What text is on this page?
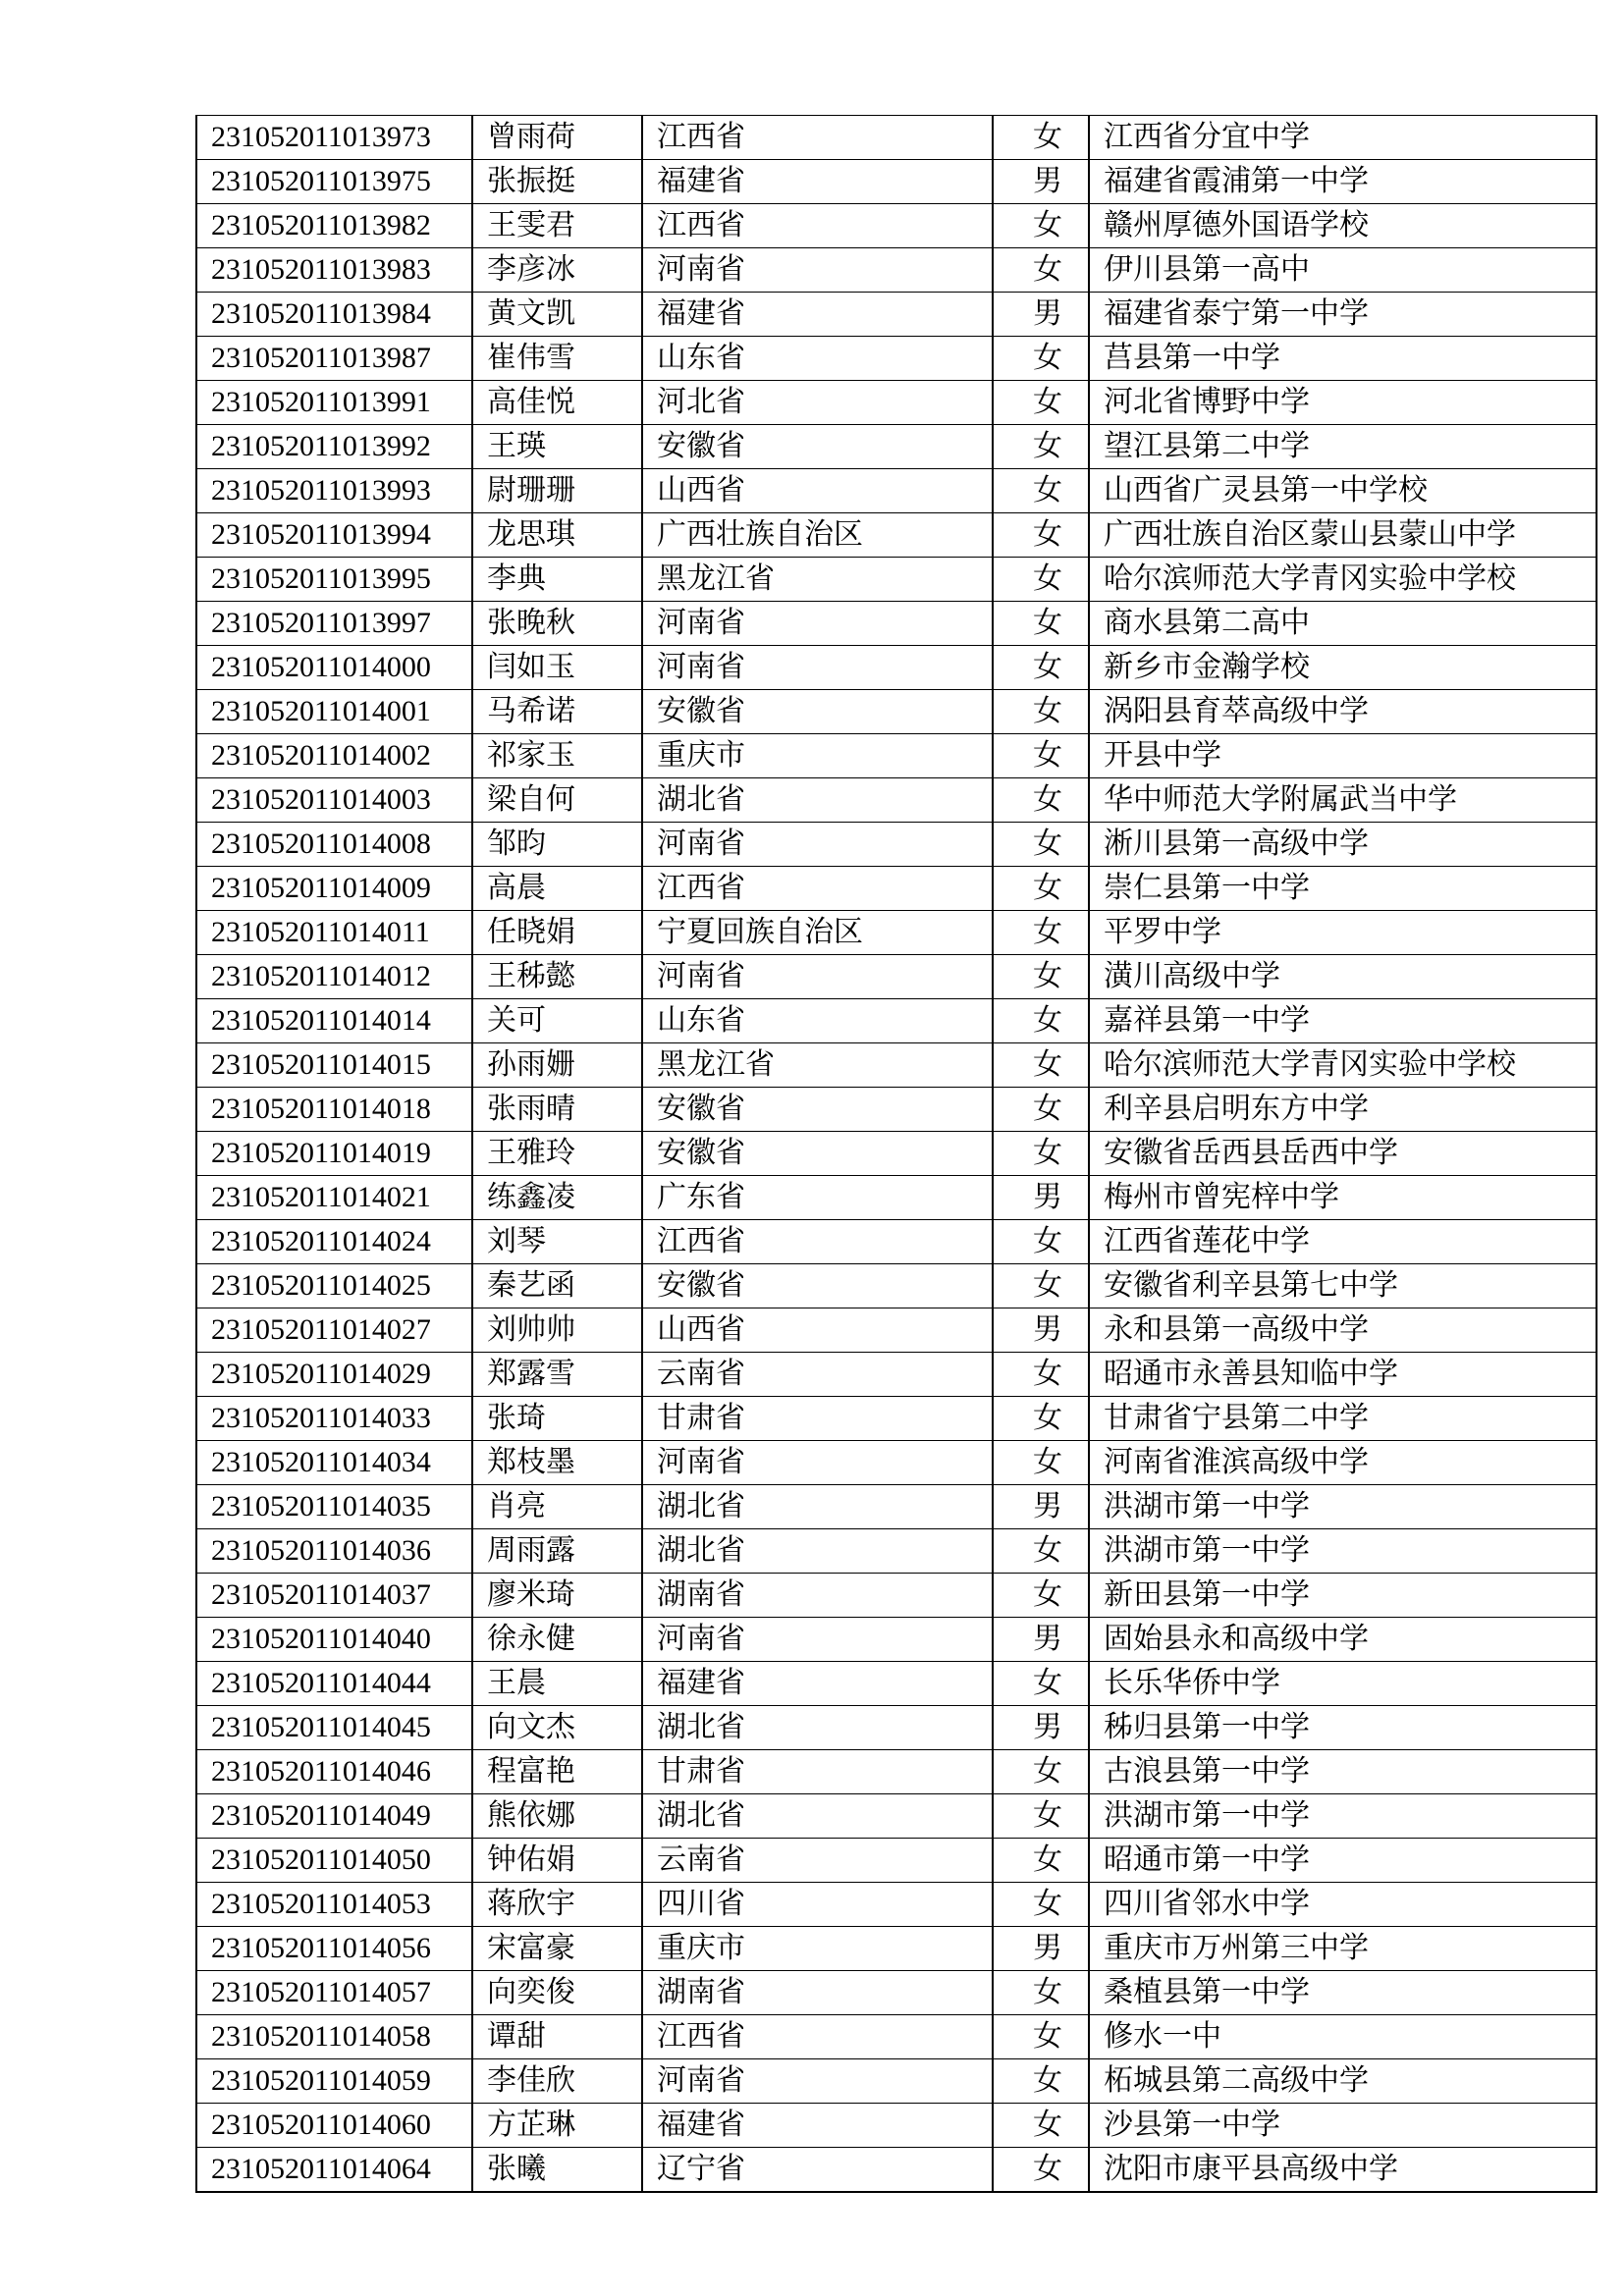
231052011013973	曾雨荷	江西省	女	江西省分宜中学
231052011013975	张振挺	福建省	男	福建省霞浦第一中学
231052011013982	王雯君	江西省	女	赣州厚德外国语学校
231052011013983	李彦冰	河南省	女	伊川县第一高中
231052011013984	黄文凯	福建省	男	福建省泰宁第一中学
231052011013987	崔伟雪	山东省	女	莒县第一中学
231052011013991	高佳悦	河北省	女	河北省博野中学
231052011013992	王瑛	安徽省	女	望江县第二中学
231052011013993	尉珊珊	山西省	女	山西省广灵县第一中学校
231052011013994	龙思琪	广西壮族自治区	女	广西壮族自治区蒙山县蒙山中学
231052011013995	李典	黑龙江省	女	哈尔滨师范大学青冈实验中学校
231052011013997	张晚秋	河南省	女	商水县第二高中
231052011014000	闫如玉	河南省	女	新乡市金瀚学校
231052011014001	马希诺	安徽省	女	涡阳县育萃高级中学
231052011014002	祁家玉	重庆市	女	开县中学
231052011014003	梁自何	湖北省	女	华中师范大学附属武当中学
231052011014008	邹昀	河南省	女	淅川县第一高级中学
231052011014009	高晨	江西省	女	崇仁县第一中学
231052011014011	任晓娟	宁夏回族自治区	女	平罗中学
231052011014012	王秭懿	河南省	女	潢川高级中学
231052011014014	关可	山东省	女	嘉祥县第一中学
231052011014015	孙雨姗	黑龙江省	女	哈尔滨师范大学青冈实验中学校
231052011014018	张雨晴	安徽省	女	利辛县启明东方中学
231052011014019	王雅玲	安徽省	女	安徽省岳西县岳西中学
231052011014021	练鑫凌	广东省	男	梅州市曾宪梓中学
231052011014024	刘琴	江西省	女	江西省莲花中学
231052011014025	秦艺函	安徽省	女	安徽省利辛县第七中学
231052011014027	刘帅帅	山西省	男	永和县第一高级中学
231052011014029	郑露雪	云南省	女	昭通市永善县知临中学
231052011014033	张琦	甘肃省	女	甘肃省宁县第二中学
231052011014034	郑枝墨	河南省	女	河南省淮滨高级中学
231052011014035	肖亮	湖北省	男	洪湖市第一中学
231052011014036	周雨露	湖北省	女	洪湖市第一中学
231052011014037	廖米琦	湖南省	女	新田县第一中学
231052011014040	徐永健	河南省	男	固始县永和高级中学
231052011014044	王晨	福建省	女	长乐华侨中学
231052011014045	向文杰	湖北省	男	秭归县第一中学
231052011014046	程富艳	甘肃省	女	古浪县第一中学
231052011014049	熊依娜	湖北省	女	洪湖市第一中学
231052011014050	钟佑娟	云南省	女	昭通市第一中学
231052011014053	蒋欣宇	四川省	女	四川省邻水中学
231052011014056	宋富豪	重庆市	男	重庆市万州第三中学
231052011014057	向奕俊	湖南省	女	桑植县第一中学
231052011014058	谭甜	江西省	女	修水一中
231052011014059	李佳欣	河南省	女	柘城县第二高级中学
231052011014060	方芷琳	福建省	女	沙县第一中学
231052011014064	张曦	辽宁省	女	沈阳市康平县高级中学
